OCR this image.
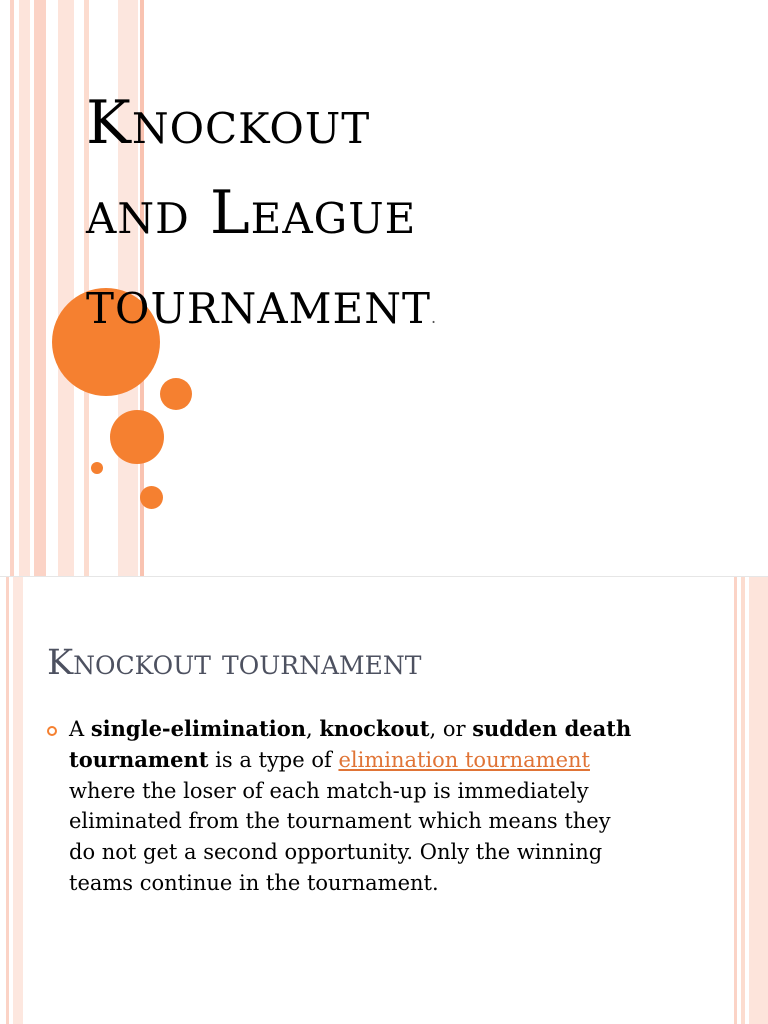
Knockout
and League
tournament.
Knockout tournament
A single-elimination, knockout, or sudden death tournament is a type of elimination tournament where the loser of each match-up is immediately eliminated from the tournament which means they do not get a second opportunity. Only the winning teams continue in the tournament.
